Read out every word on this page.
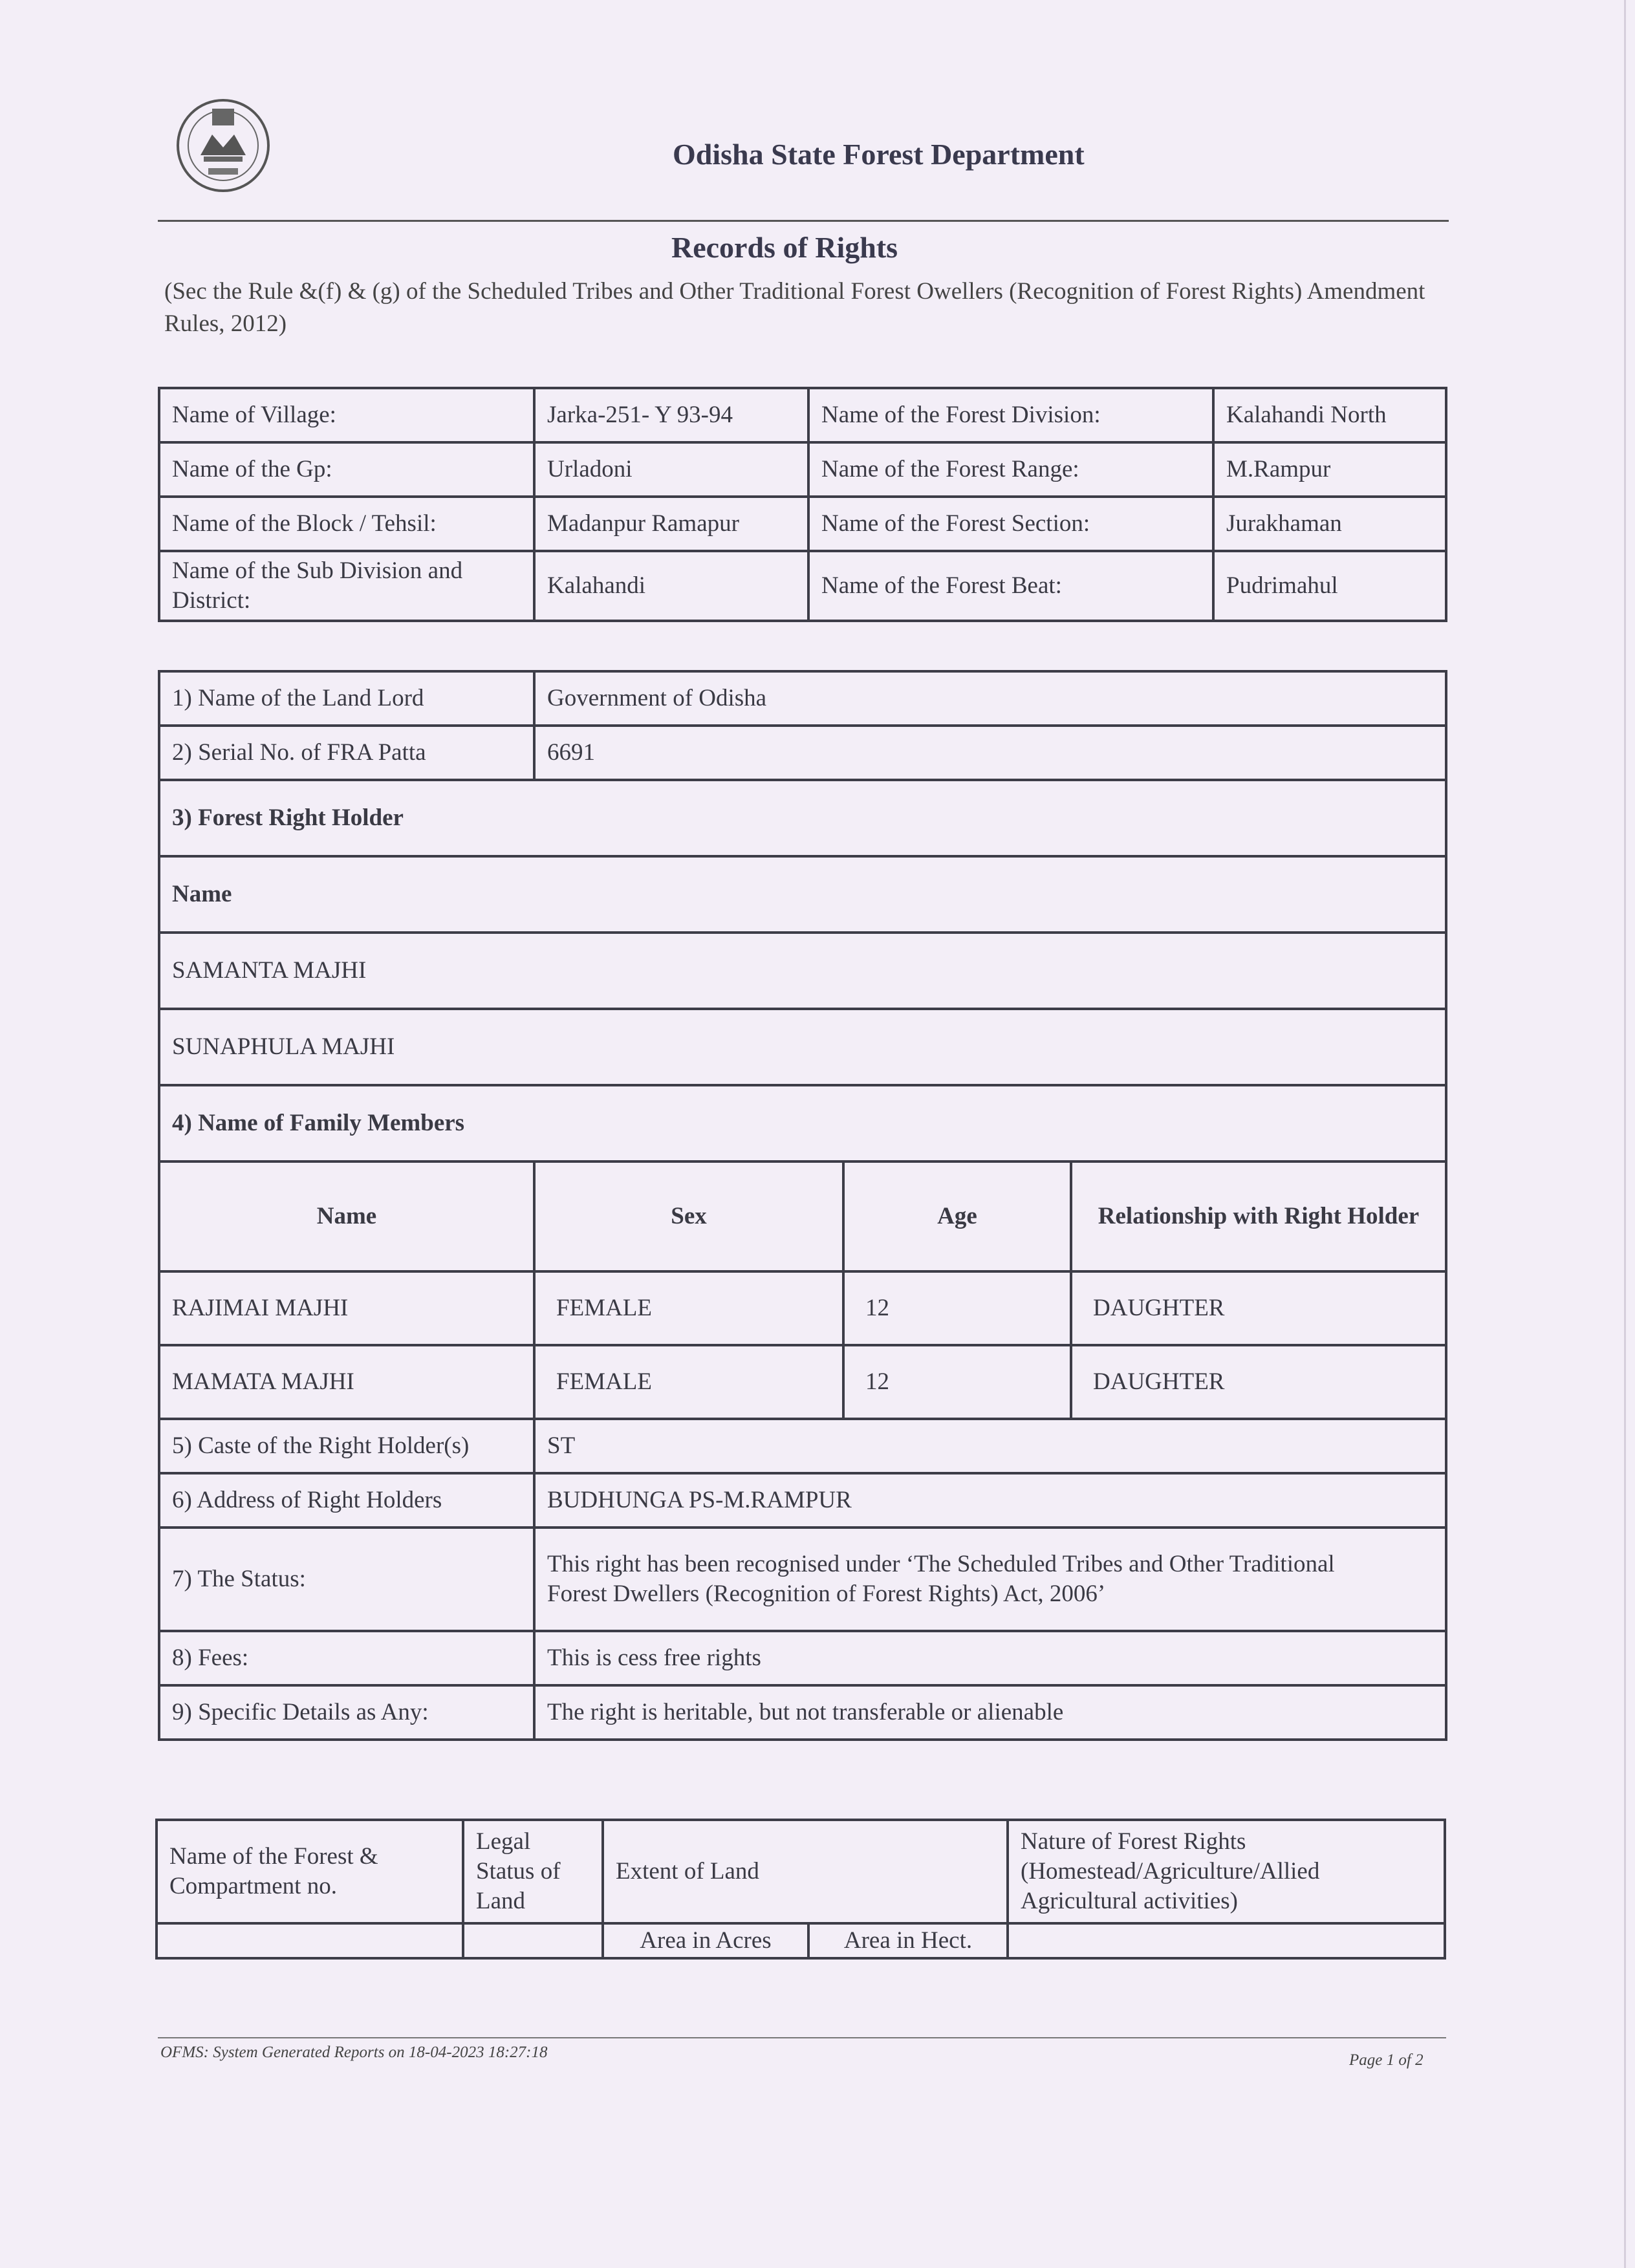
Odisha State Forest Department
Records of Rights
(Sec the Rule &(f) & (g) of the Scheduled Tribes and Other Traditional Forest Owellers (Recognition of Forest Rights) Amendment Rules, 2012)
Name of Village:	Jarka-251- Y 93-94	Name of the Forest Division:	Kalahandi North
Name of the Gp:	Urladoni	Name of the Forest Range:	M.Rampur
Name of the Block / Tehsil:	Madanpur Ramapur	Name of the Forest Section:	Jurakhaman
Name of the Sub Division and District:	Kalahandi	Name of the Forest Beat:	Pudrimahul
1) Name of the Land Lord	Government of Odisha		
2) Serial No. of FRA Patta	6691		
3) Forest Right Holder			
Name			
SAMANTA MAJHI			
SUNAPHULA MAJHI			
4) Name of Family Members			
Name	Sex	Age	Relationship with Right Holder
RAJIMAI MAJHI	FEMALE	12	DAUGHTER
MAMATA MAJHI	FEMALE	12	DAUGHTER
5) Caste of the Right Holder(s)	ST		
6) Address of Right Holders	BUDHUNGA PS-M.RAMPUR		
7) The Status:	This right has been recognised under ‘The Scheduled Tribes and Other Traditional
Forest Dwellers (Recognition of Forest Rights) Act, 2006’		

8) Fees:	This is cess free rights		
9) Specific Details as Any:	The right is heritable, but not transferable or alienable		
Name of the Forest & Compartment no.	Legal Status of Land	Extent of Land		Nature of Forest Rights (Homestead/Agriculture/Allied Agricultural activities)
		Area in Acres	Area in Hect.	
OFMS: System Generated Reports on 18-04-2023 18:27:18	Page 1 of 2
